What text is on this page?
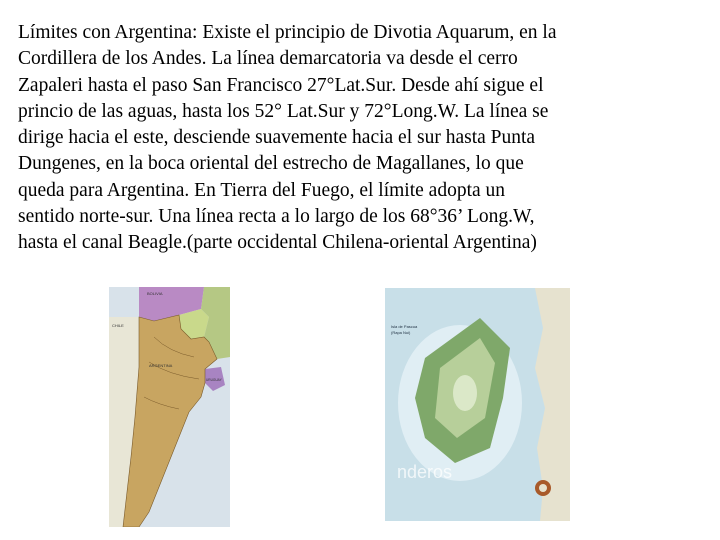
Límites con Argentina: Existe el principio de Divotia Aquarum, en la
Cordillera de los Andes. La línea demarcatoria va desde el cerro
Zapaleri hasta el paso San Francisco 27°Lat.Sur. Desde ahí sigue el
princio de las aguas, hasta los 52° Lat.Sur y 72°Long.W. La línea se
dirige hacia el este, desciende suavemente hacia el sur hasta Punta
Dungenes, en la boca oriental del estrecho de Magallanes, lo que
queda para Argentina. En Tierra del Fuego, el límite adopta un
sentido norte-sur. Una línea recta a lo largo de los 68°36’ Long.W,
hasta el canal Beagle.(parte occidental Chilena-oriental Argentina)

BOLIVIA
CHILE
ARGENTINA
URUGUAY
Isla de Pascua
(Rapa Nui)
nderos
